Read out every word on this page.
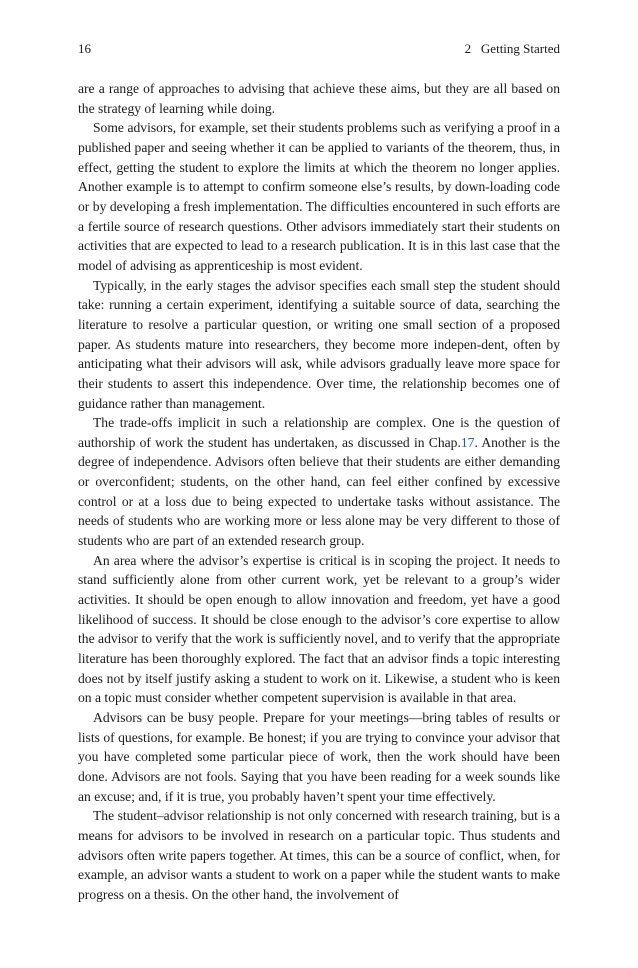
16	2 Getting Started

are a range of approaches to advising that achieve these aims, but they are all based on the strategy of learning while doing.

Some advisors, for example, set their students problems such as verifying a proof in a published paper and seeing whether it can be applied to variants of the theorem, thus, in effect, getting the student to explore the limits at which the theorem no longer applies. Another example is to attempt to confirm someone else’s results, by down-loading code or by developing a fresh implementation. The difficulties encountered in such efforts are a fertile source of research questions. Other advisors immediately start their students on activities that are expected to lead to a research publication. It is in this last case that the model of advising as apprenticeship is most evident.

Typically, in the early stages the advisor specifies each small step the student should take: running a certain experiment, identifying a suitable source of data, searching the literature to resolve a particular question, or writing one small section of a proposed paper. As students mature into researchers, they become more indepen-dent, often by anticipating what their advisors will ask, while advisors gradually leave more space for their students to assert this independence. Over time, the relationship becomes one of guidance rather than management.

The trade-offs implicit in such a relationship are complex. One is the question of authorship of work the student has undertaken, as discussed in Chap.17. Another is the degree of independence. Advisors often believe that their students are either demanding or overconfident; students, on the other hand, can feel either confined by excessive control or at a loss due to being expected to undertake tasks without assistance. The needs of students who are working more or less alone may be very different to those of students who are part of an extended research group.

An area where the advisor’s expertise is critical is in scoping the project. It needs to stand sufficiently alone from other current work, yet be relevant to a group’s wider activities. It should be open enough to allow innovation and freedom, yet have a good likelihood of success. It should be close enough to the advisor’s core expertise to allow the advisor to verify that the work is sufficiently novel, and to verify that the appropriate literature has been thoroughly explored. The fact that an advisor finds a topic interesting does not by itself justify asking a student to work on it. Likewise, a student who is keen on a topic must consider whether competent supervision is available in that area.

Advisors can be busy people. Prepare for your meetings—bring tables of results or lists of questions, for example. Be honest; if you are trying to convince your advisor that you have completed some particular piece of work, then the work should have been done. Advisors are not fools. Saying that you have been reading for a week sounds like an excuse; and, if it is true, you probably haven’t spent your time effectively.

The student–advisor relationship is not only concerned with research training, but is a means for advisors to be involved in research on a particular topic. Thus students and advisors often write papers together. At times, this can be a source of conflict, when, for example, an advisor wants a student to work on a paper while the student wants to make progress on a thesis. On the other hand, the involvement of
